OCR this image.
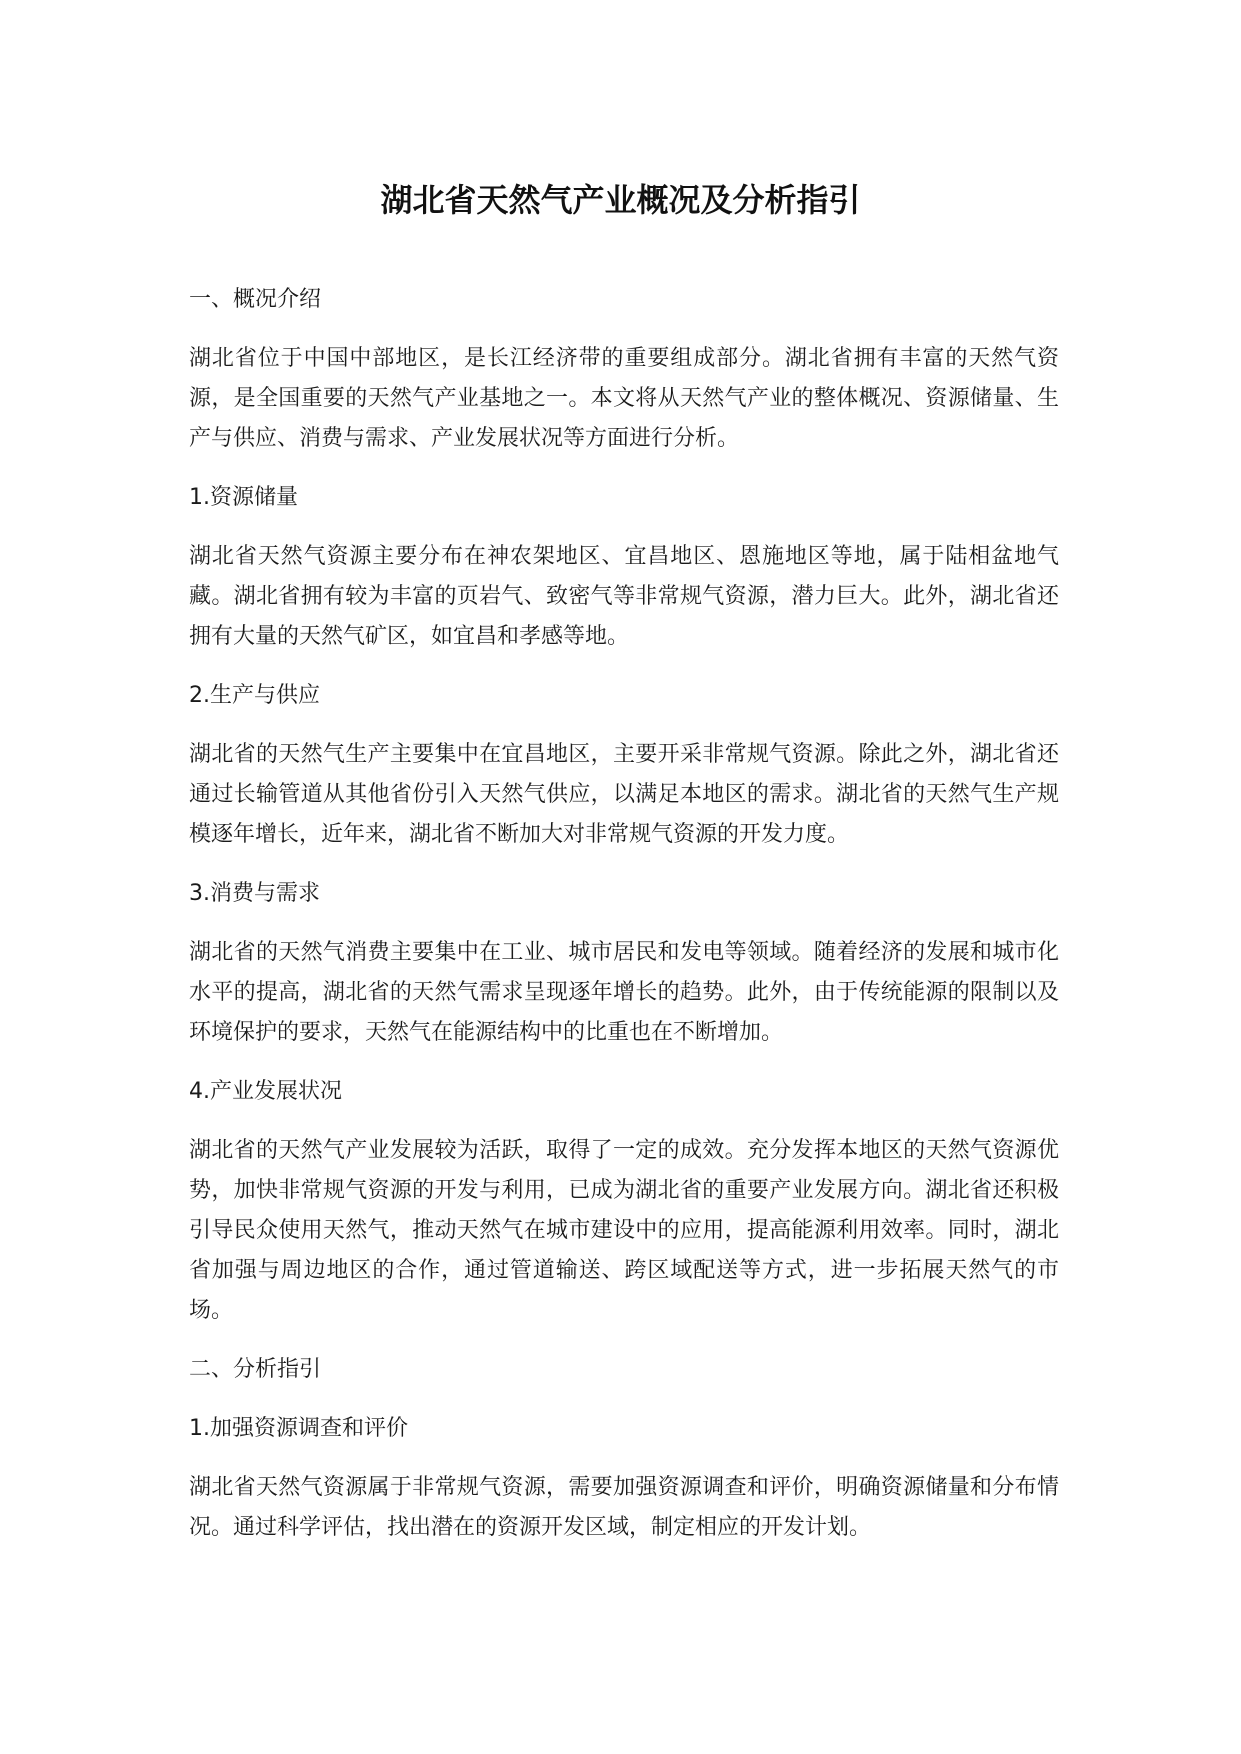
湖北省天然气产业概况及分析指引

一、概况介绍

湖北省位于中国中部地区，是长江经济带的重要组成部分。湖北省拥有丰富的天然气资源，是全国重要的天然气产业基地之一。本文将从天然气产业的整体概况、资源储量、生产与供应、消费与需求、产业发展状况等方面进行分析。

1.资源储量

湖北省天然气资源主要分布在神农架地区、宜昌地区、恩施地区等地，属于陆相盆地气藏。湖北省拥有较为丰富的页岩气、致密气等非常规气资源，潜力巨大。此外，湖北省还拥有大量的天然气矿区，如宜昌和孝感等地。

2.生产与供应

湖北省的天然气生产主要集中在宜昌地区，主要开采非常规气资源。除此之外，湖北省还通过长输管道从其他省份引入天然气供应，以满足本地区的需求。湖北省的天然气生产规模逐年增长，近年来，湖北省不断加大对非常规气资源的开发力度。

3.消费与需求

湖北省的天然气消费主要集中在工业、城市居民和发电等领域。随着经济的发展和城市化水平的提高，湖北省的天然气需求呈现逐年增长的趋势。此外，由于传统能源的限制以及环境保护的要求，天然气在能源结构中的比重也在不断增加。

4.产业发展状况

湖北省的天然气产业发展较为活跃，取得了一定的成效。充分发挥本地区的天然气资源优势，加快非常规气资源的开发与利用，已成为湖北省的重要产业发展方向。湖北省还积极引导民众使用天然气，推动天然气在城市建设中的应用，提高能源利用效率。同时，湖北省加强与周边地区的合作，通过管道输送、跨区域配送等方式，进一步拓展天然气的市场。

二、分析指引

1.加强资源调查和评价

湖北省天然气资源属于非常规气资源，需要加强资源调查和评价，明确资源储量和分布情况。通过科学评估，找出潜在的资源开发区域，制定相应的开发计划。
